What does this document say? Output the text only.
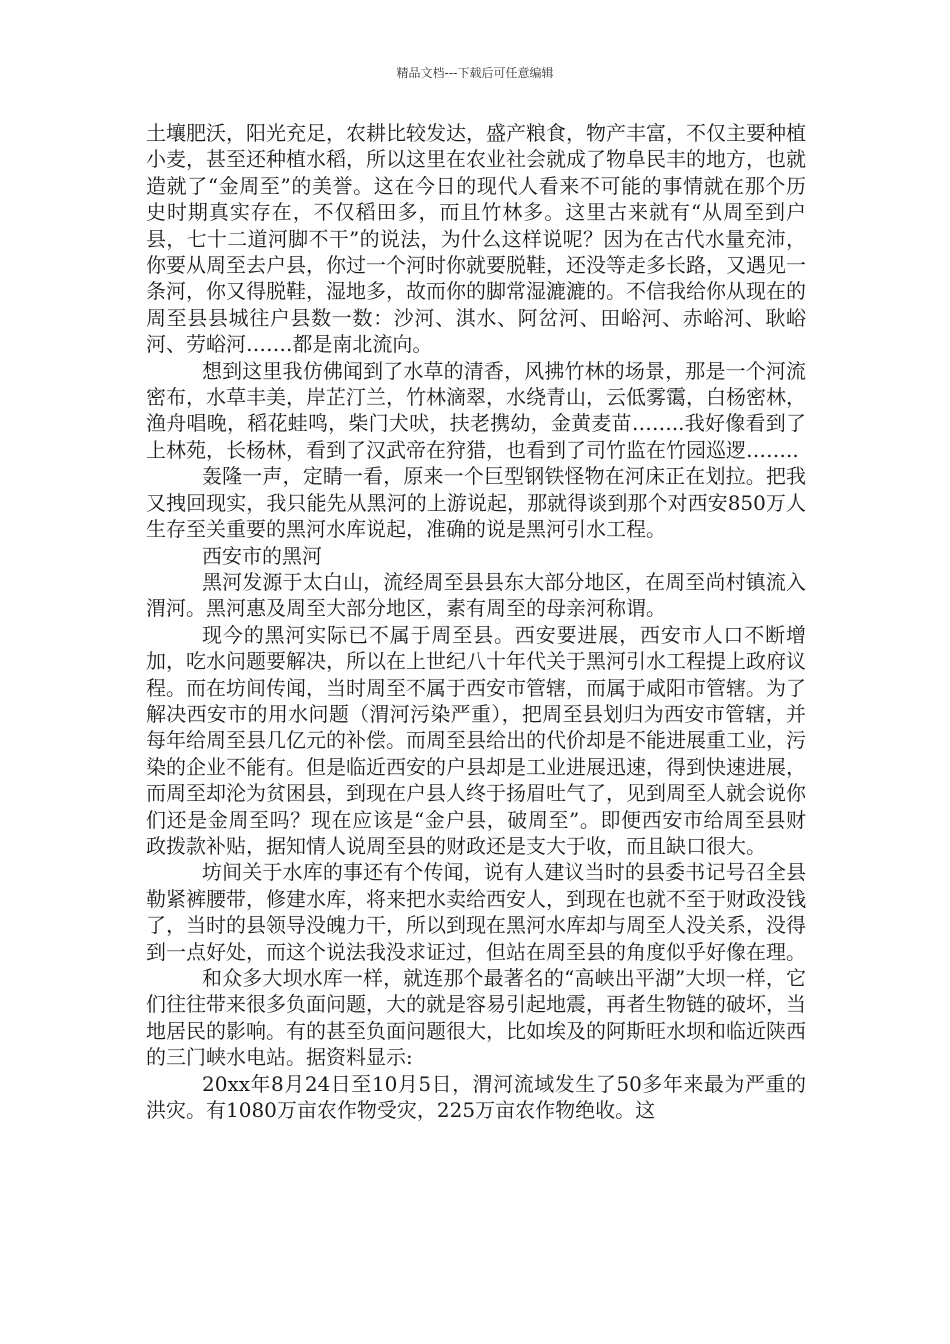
精品文档---下载后可任意编辑

土壤肥沃，阳光充足，农耕比较发达，盛产粮食，物产丰富，不仅主要种植小麦，甚至还种植水稻，所以这里在农业社会就成了物阜民丰的地方，也就造就了“金周至”的美誉。这在今日的现代人看来不可能的事情就在那个历史时期真实存在，不仅稻田多，而且竹林多。这里古来就有“从周至到户县，七十二道河脚不干”的说法，为什么这样说呢？因为在古代水量充沛，你要从周至去户县，你过一个河时你就要脱鞋，还没等走多长路，又遇见一条河，你又得脱鞋，湿地多，故而你的脚常湿漉漉的。不信我给你从现在的周至县县城往户县数一数：沙河、淇水、阿岔河、田峪河、赤峪河、耿峪河、劳峪河…….都是南北流向。

想到这里我仿佛闻到了水草的清香，风拂竹林的场景，那是一个河流密布，水草丰美，岸芷汀兰，竹林滴翠，水绕青山，云低雾霭，白杨密林，渔舟唱晚，稻花蛙鸣，柴门犬吠，扶老携幼，金黄麦苗……..我好像看到了上林苑，长杨林，看到了汉武帝在狩猎，也看到了司竹监在竹园巡逻……..

轰隆一声，定睛一看，原来一个巨型钢铁怪物在河床正在划拉。把我又拽回现实，我只能先从黑河的上游说起，那就得谈到那个对西安850万人生存至关重要的黑河水库说起，准确的说是黑河引水工程。

西安市的黑河

黑河发源于太白山，流经周至县县东大部分地区，在周至尚村镇流入渭河。黑河惠及周至大部分地区，素有周至的母亲河称谓。

现今的黑河实际已不属于周至县。西安要进展，西安市人口不断增加，吃水问题要解决，所以在上世纪八十年代关于黑河引水工程提上政府议程。而在坊间传闻，当时周至不属于西安市管辖，而属于咸阳市管辖。为了解决西安市的用水问题（渭河污染严重），把周至县划归为西安市管辖，并每年给周至县几亿元的补偿。而周至县给出的代价却是不能进展重工业，污染的企业不能有。但是临近西安的户县却是工业进展迅速，得到快速进展，而周至却沦为贫困县，到现在户县人终于扬眉吐气了，见到周至人就会说你们还是金周至吗？现在应该是“金户县，破周至”。即便西安市给周至县财政拨款补贴，据知情人说周至县的财政还是支大于收，而且缺口很大。

坊间关于水库的事还有个传闻，说有人建议当时的县委书记号召全县勒紧裤腰带，修建水库，将来把水卖给西安人，到现在也就不至于财政没钱了，当时的县领导没魄力干，所以到现在黑河水库却与周至人没关系，没得到一点好处，而这个说法我没求证过，但站在周至县的角度似乎好像在理。

和众多大坝水库一样，就连那个最著名的“高峡出平湖”大坝一样，它们往往带来很多负面问题，大的就是容易引起地震，再者生物链的破坏，当地居民的影响。有的甚至负面问题很大，比如埃及的阿斯旺水坝和临近陕西的三门峡水电站。据资料显示:

20xx年8月24日至10月5日，渭河流域发生了50多年来最为严重的洪灾。有1080万亩农作物受灾，225万亩农作物绝收。这
